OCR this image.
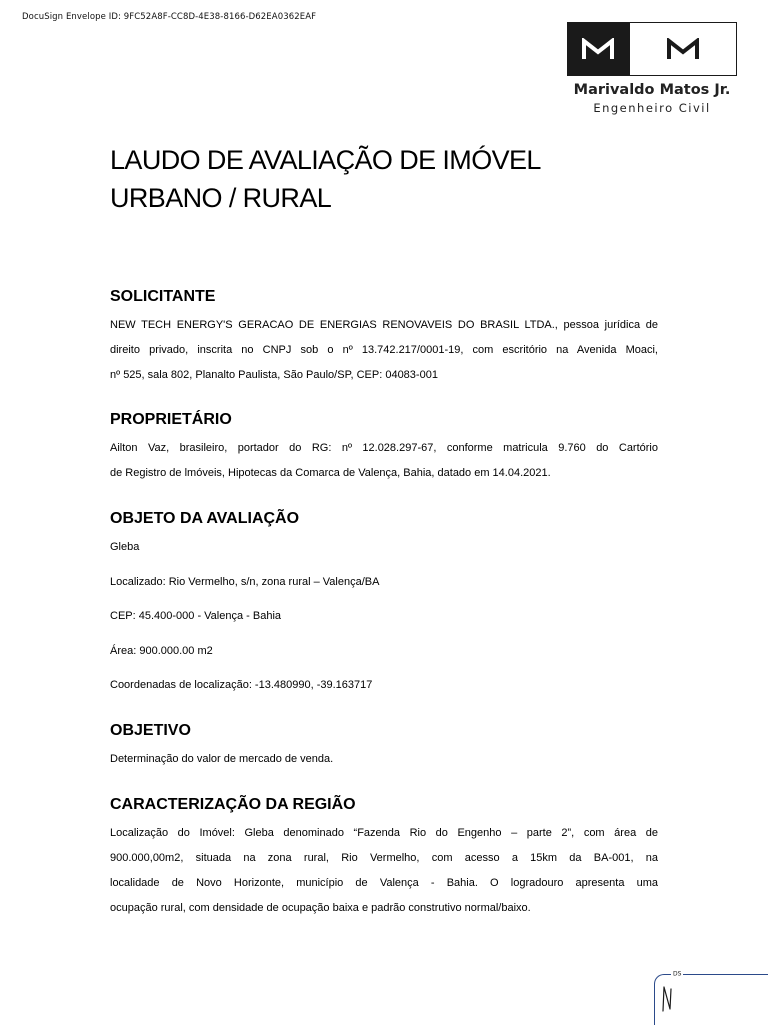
DocuSign Envelope ID: 9FC52A8F-CC8D-4E38-8166-D62EA0362EAF
Marivaldo Matos Jr.
Engenheiro Civil
LAUDO DE AVALIAÇÃO DE IMÓVEL
URBANO / RURAL
SOLICITANTE

NEW TECH ENERGY'S GERACAO DE ENERGIAS RENOVAVEIS DO BRASIL LTDA., pessoa jurídica de

direito privado, inscrita no CNPJ sob o nº 13.742.217/0001-19, com escritório na Avenida Moaci,

nº 525, sala 802, Planalto Paulista, São Paulo/SP, CEP: 04083-001

PROPRIETÁRIO

Ailton Vaz, brasileiro, portador do RG: nº 12.028.297-67, conforme matricula 9.760 do Cartório

de Registro de lmóveis, Hipotecas da Comarca de Valença, Bahia, datado em 14.04.2021.

OBJETO DA AVALIAÇÃO

Gleba

Localizado: Rio Vermelho, s/n, zona rural – Valença/BA

CEP: 45.400-000 - Valença - Bahia

Área: 900.000.00 m2

Coordenadas de localização: -13.480990, -39.163717

OBJETIVO

Determinação do valor de mercado de venda.

CARACTERIZAÇÃO DA REGIÃO

Localização do Imóvel: Gleba denominado “Fazenda Rio do Engenho – parte 2”, com área de

900.000,00m2, situada na zona rural, Rio Vermelho, com acesso a 15km da BA-001, na

localidade de Novo Horizonte, município de Valença - Bahia. O logradouro apresenta uma

ocupação rural, com densidade de ocupação baixa e padrão construtivo normal/baixo.

DS
